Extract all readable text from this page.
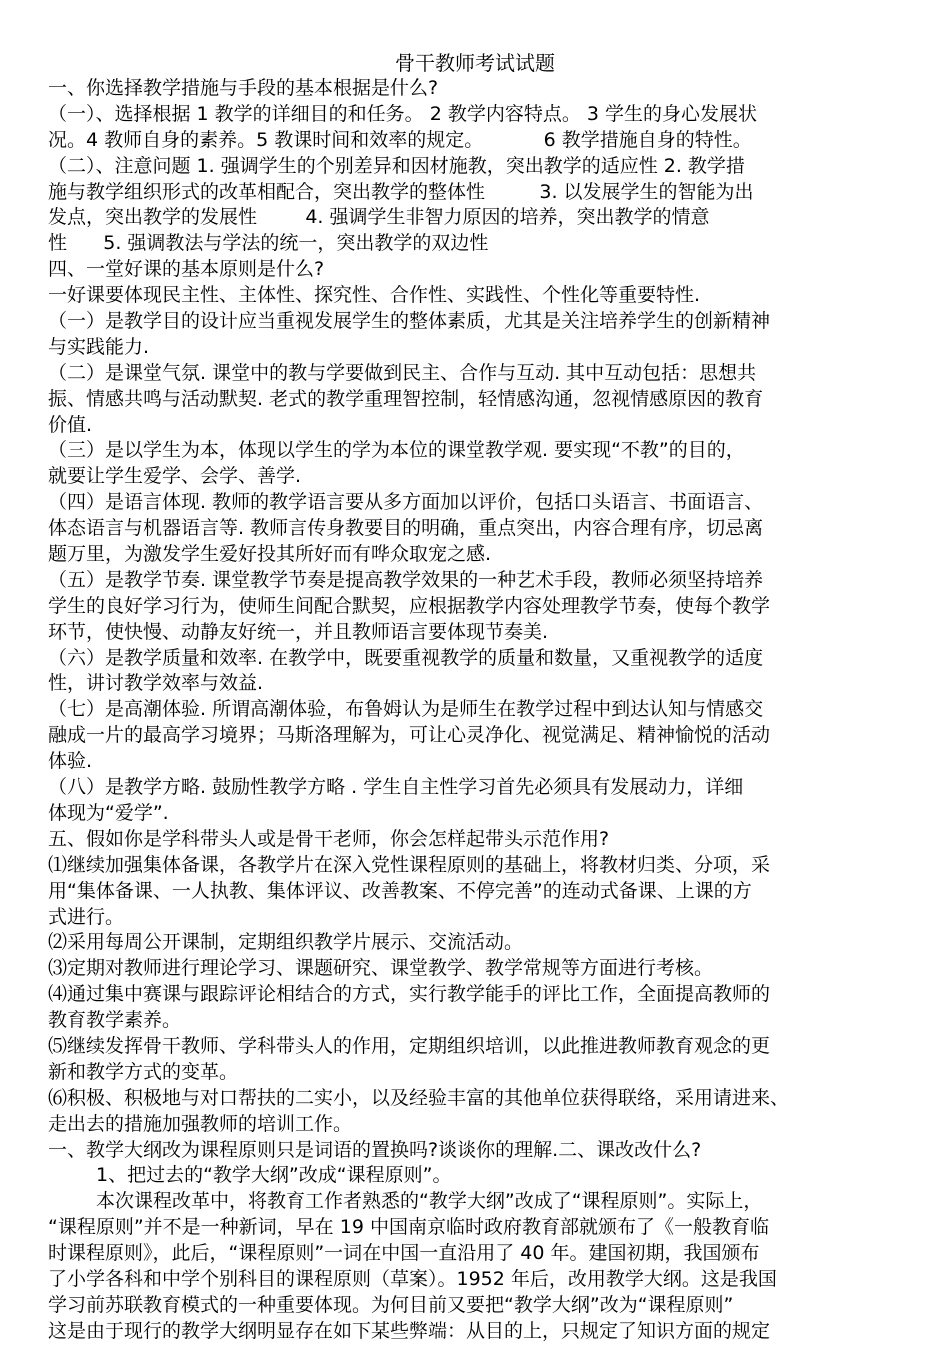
骨干教师考试试题
一、你选择教学措施与手段的基本根据是什么?
（一）、选择根据 1 教学的详细目的和任务。 2 教学内容特点。 3 学生的身心发展状
况。4 教师自身的素养。5 教课时间和效率的规定。          6 教学措施自身的特性。
（二）、注意问题 1. 强调学生的个别差异和因材施教，突出教学的适应性 2. 教学措
施与教学组织形式的改革相配合，突出教学的整体性         3. 以发展学生的智能为出
发点，突出教学的发展性        4. 强调学生非智力原因的培养，突出教学的情意
性      5. 强调教法与学法的统一，突出教学的双边性
四、一堂好课的基本原则是什么?
一好课要体现民主性、主体性、探究性、合作性、实践性、个性化等重要特性.
（一）是教学目的设计应当重视发展学生的整体素质，尤其是关注培养学生的创新精神
与实践能力.
（二）是课堂气氛. 课堂中的教与学要做到民主、合作与互动. 其中互动包括：思想共
振、情感共鸣与活动默契. 老式的教学重理智控制，轻情感沟通，忽视情感原因的教育
价值.
（三）是以学生为本，体现以学生的学为本位的课堂教学观. 要实现“不教”的目的，
就要让学生爱学、会学、善学.
（四）是语言体现. 教师的教学语言要从多方面加以评价，包括口头语言、书面语言、
体态语言与机器语言等. 教师言传身教要目的明确，重点突出，内容合理有序，切忌离
题万里，为激发学生爱好投其所好而有哗众取宠之感.
（五）是教学节奏. 课堂教学节奏是提高教学效果的一种艺术手段，教师必须坚持培养
学生的良好学习行为，使师生间配合默契，应根据教学内容处理教学节奏，使每个教学
环节，使快慢、动静友好统一，并且教师语言要体现节奏美.
（六）是教学质量和效率. 在教学中，既要重视教学的质量和数量，又重视教学的适度
性，讲讨教学效率与效益.
（七）是高潮体验. 所谓高潮体验，布鲁姆认为是师生在教学过程中到达认知与情感交
融成一片的最高学习境界；马斯洛理解为，可让心灵净化、视觉满足、精神愉悦的活动
体验.
（八）是教学方略. 鼓励性教学方略 . 学生自主性学习首先必须具有发展动力，详细
体现为“爱学”.
五、假如你是学科带头人或是骨干老师，你会怎样起带头示范作用?
⑴继续加强集体备课，各教学片在深入党性课程原则的基础上，将教材归类、分项，采
用“集体备课、一人执教、集体评议、改善教案、不停完善”的连动式备课、上课的方
式进行。
⑵采用每周公开课制，定期组织教学片展示、交流活动。
⑶定期对教师进行理论学习、课题研究、课堂教学、教学常规等方面进行考核。
⑷通过集中赛课与跟踪评论相结合的方式，实行教学能手的评比工作，全面提高教师的
教育教学素养。
⑸继续发挥骨干教师、学科带头人的作用，定期组织培训，以此推进教师教育观念的更
新和教学方式的变革。
⑹积极、积极地与对口帮扶的二实小，以及经验丰富的其他单位获得联络，采用请进来、
走出去的措施加强教师的培训工作。
一、教学大纲改为课程原则只是词语的置换吗?谈谈你的理解.二、课改改什么?
1、把过去的“教学大纲”改成“课程原则”。
本次课程改革中，将教育工作者熟悉的“教学大纲”改成了“课程原则”。实际上，
“课程原则”并不是一种新词，早在 19 中国南京临时政府教育部就颁布了《一般教育临
时课程原则》，此后，“课程原则”一词在中国一直沿用了 40 年。建国初期，我国颁布
了小学各科和中学个别科目的课程原则（草案）。1952 年后，改用教学大纲。这是我国
学习前苏联教育模式的一种重要体现。为何目前又要把“教学大纲”改为“课程原则”
这是由于现行的教学大纲明显存在如下某些弊端：从目的上，只规定了知识方面的规定
